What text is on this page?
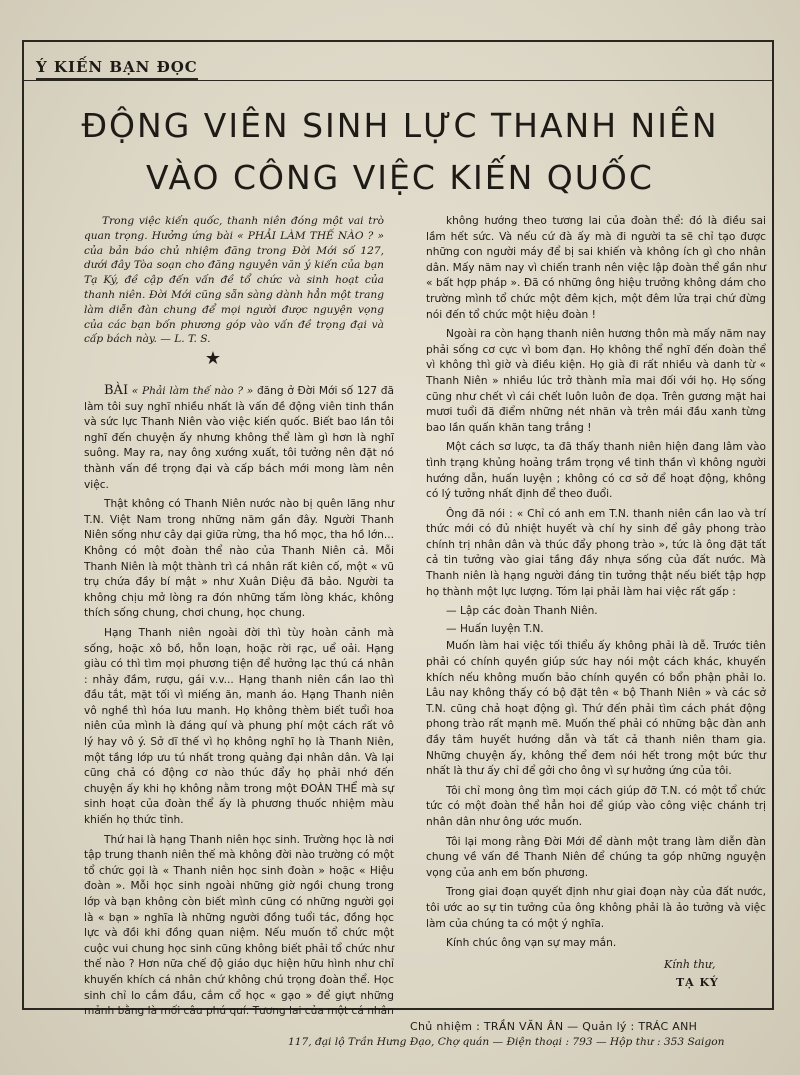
Ý KIẾN BẠN ĐỌC
ĐỘNG VIÊN SINH LỰC THANH NIÊN
VÀO CÔNG VIỆC KIẾN QUỐC
Trong việc kiến quốc, thanh niên đóng một vai trò quan trọng. Hưởng ứng bài « PHẢI LÀM THẾ NÀO ? » của bản báo chủ nhiệm đăng trong Đời Mới số 127, dưới đây Tòa soạn cho đăng nguyên văn ý kiến của bạn Tạ Ký, đề cập đến vấn đề tổ chức và sinh hoạt của thanh niên. Đời Mới cũng sẵn sàng dành hẳn một trang làm diễn đàn chung để mọi người được nguyện vọng của các bạn bốn phương góp vào vấn đề trọng đại và cấp bách này. — L. T. S.
★

BÀI « Phải làm thế nào ? » đăng ở Đời Mới số 127 đã làm tôi suy nghĩ nhiều nhất là vấn đề động viên tinh thần và sức lực Thanh Niên vào việc kiến quốc. Biết bao lần tôi nghĩ đến chuyện ấy nhưng không thể làm gì hơn là nghĩ suông. May ra, nay ông xướng xuất, tôi tưởng nên đặt nó thành vấn đề trọng đại và cấp bách mới mong làm nên việc.

Thật không có Thanh Niên nước nào bị quên lãng như T.N. Việt Nam trong những năm gần đây. Người Thanh Niên sống như cây dại giữa rừng, tha hồ mọc, tha hồ lớn... Không có một đoàn thể nào của Thanh Niên cả. Mỗi Thanh Niên là một thành trì cá nhân rất kiên cố, một « vũ trụ chứa đầy bí mật » như Xuân Diệu đã bảo. Người ta không chịu mở lòng ra đón những tấm lòng khác, không thích sống chung, chơi chung, học chung.

Hạng Thanh niên ngoài đời thì tùy hoàn cảnh mà sống, hoặc xô bồ, hỗn loạn, hoặc rời rạc, uể oải. Hạng giàu có thì tìm mọi phương tiện để hưởng lạc thú cá nhân : nhảy đầm, rượu, gái v.v... Hạng thanh niên cần lao thì đầu tắt, mặt tối vì miếng ăn, manh áo. Hạng Thanh niên vô nghề thì hóa lưu manh. Họ không thèm biết tuổi hoa niên của mình là đáng quí và phung phí một cách rất vô lý hay vô ý. Sở dĩ thế vì họ không nghĩ họ là Thanh Niên, một tầng lớp ưu tú nhất trong quảng đại nhân dân. Và lại cũng chả có động cơ nào thúc đẩy họ phải nhớ đến chuyện ấy khi họ không nằm trong một ĐOÀN THỂ mà sự sinh hoạt của đoàn thể ấy là phương thuốc nhiệm màu khiến họ thức tỉnh.

Thứ hai là hạng Thanh niên học sinh. Trường học là nơi tập trung thanh niên thế mà không đời nào trường có một tổ chức gọi là « Thanh niên học sinh đoàn » hoặc « Hiệu đoàn ». Mỗi học sinh ngoài những giờ ngồi chung trong lớp và bạn không còn biết mình cũng có những người gọi là « bạn » nghĩa là những người đồng tuổi tác, đồng học lực và đồi khi đồng quan niệm. Nếu muốn tổ chức một cuộc vui chung học sinh cũng không biết phải tổ chức như thế nào ? Hơn nữa chế độ giáo dục hiện hữu hình như chỉ khuyến khích cá nhân chứ không chú trọng đoàn thể. Học sinh chỉ lo cắm đầu, cắm cổ học « gạo » để giựt những mảnh bằng là mối câu phú quí. Tương lai của một cá nhân

không hướng theo tương lai của đoàn thể: đó là điều sai lầm hết sức. Và nếu cứ đà ấy mà đi người ta sẽ chỉ tạo được những con người máy để bị sai khiến và không ích gì cho nhân dân. Mấy năm nay vì chiến tranh nên việc lập đoàn thể gần như « bất hợp pháp ». Đã có những ông hiệu trưởng không dám cho trường mình tổ chức một đêm kịch, một đêm lửa trại chứ đừng nói đến tổ chức một hiệu đoàn !

Ngoài ra còn hạng thanh niên hương thôn mà mấy năm nay phải sống cơ cực vì bom đạn. Họ không thể nghĩ đến đoàn thể vì không thì giờ và điều kiện. Họ già đi rất nhiều và danh từ « Thanh Niên » nhiều lúc trở thành mỉa mai đối với họ. Họ sống cũng như chết vì cái chết luôn luôn đe dọa. Trên gương mặt hai mươi tuổi đã điểm những nét nhăn và trên mái đầu xanh từng bao lần quấn khăn tang trắng !

Một cách sơ lược, ta đã thấy thanh niên hiện đang lâm vào tình trạng khủng hoảng trầm trọng về tinh thần vì không người hướng dẫn, huấn luyện ; không có cơ sở để hoạt động, không có lý tưởng nhất định để theo đuổi.

Ông đã nói : « Chỉ có anh em T.N. thanh niên cần lao và trí thức mới có đủ nhiệt huyết và chí hy sinh để gây phong trào chính trị nhân dân và thúc đẩy phong trào », tức là ông đặt tất cả tin tưởng vào giai tầng đầy nhựa sống của đất nước. Mà Thanh niên là hạng người đáng tin tưởng thật nếu biết tập hợp họ thành một lực lượng. Tóm lại phải làm hai việc rất gấp :

— Lập các đoàn Thanh Niên.

— Huấn luyện T.N.

Muốn làm hai việc tối thiểu ấy không phải là dễ. Trước tiên phải có chính quyền giúp sức hay nói một cách khác, khuyến khích nếu không muốn bảo chính quyền có bổn phận phải lo. Lâu nay không thấy có bộ đặt tên « bộ Thanh Niên » và các sở T.N. cũng chả hoạt động gì. Thứ đến phải tìm cách phát động phong trào rất mạnh mẽ. Muốn thế phải có những bậc đàn anh đầy tâm huyết hướng dẫn và tất cả thanh niên tham gia. Những chuyện ấy, không thể đem nói hết trong một bức thư nhất là thư ấy chỉ để gởi cho ông vì sự hưởng ứng của tôi.

Tôi chỉ mong ông tìm mọi cách giúp đỡ T.N. có một tổ chức tức có một đoàn thể hẳn hoi để giúp vào công việc chánh trị nhân dân như ông ước muốn.

Tôi lại mong rằng Đời Mới để dành một trang làm diễn đàn chung về vấn đề Thanh Niên để chúng ta góp những nguyện vọng của anh em bốn phương.

Trong giai đoạn quyết định như giai đoạn này của đất nước, tôi ước ao sự tin tưởng của ông không phải là ảo tưởng và việc làm của chúng ta có một ý nghĩa.

Kính chúc ông vạn sự may mắn.

Kính thư,
TẠ KÝ
Chủ nhiệm : TRẦN VĂN ÂN — Quản lý : TRÁC ANH
117, đại lộ Trần Hưng Đạo, Chợ quán — Điện thoại : 793 — Hộp thư : 353 Saigon
